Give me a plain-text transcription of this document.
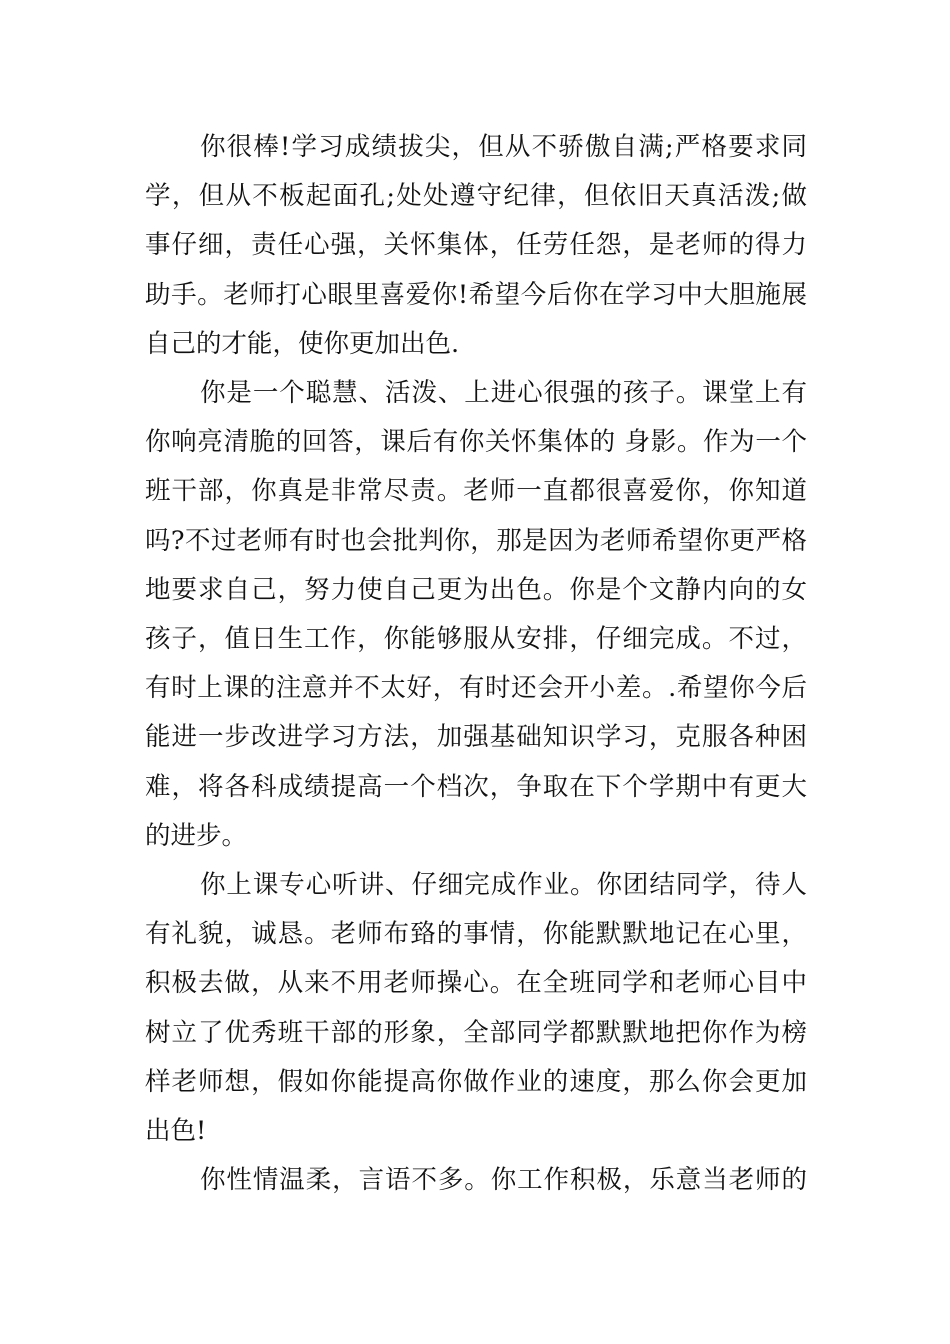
你很棒!学习成绩拔尖，但从不骄傲自满;严格要求同
学，但从不板起面孔;处处遵守纪律，但依旧天真活泼;做
事仔细，责任心强，关怀集体，任劳任怨，是老师的得力
助手。老师打心眼里喜爱你!希望今后你在学习中大胆施展
自己的才能，使你更加出色.
你是一个聪慧、活泼、上进心很强的孩子。课堂上有
你响亮清脆的回答，课后有你关怀集体的 身影。作为一个
班干部，你真是非常尽责。老师一直都很喜爱你，你知道
吗?不过老师有时也会批判你，那是因为老师希望你更严格
地要求自己，努力使自己更为出色。你是个文静内向的女
孩子，值日生工作，你能够服从安排，仔细完成。不过，
有时上课的注意并不太好，有时还会开小差。.希望你今后
能进一步改进学习方法，加强基础知识学习，克服各种困
难，将各科成绩提高一个档次，争取在下个学期中有更大
的进步。
你上课专心听讲、仔细完成作业。你团结同学，待人
有礼貌，诚恳。老师布臵的事情，你能默默地记在心里，
积极去做，从来不用老师操心。在全班同学和老师心目中
树立了优秀班干部的形象，全部同学都默默地把你作为榜
样老师想，假如你能提高你做作业的速度，那么你会更加
出色!
你性情温柔，言语不多。你工作积极，乐意当老师的
